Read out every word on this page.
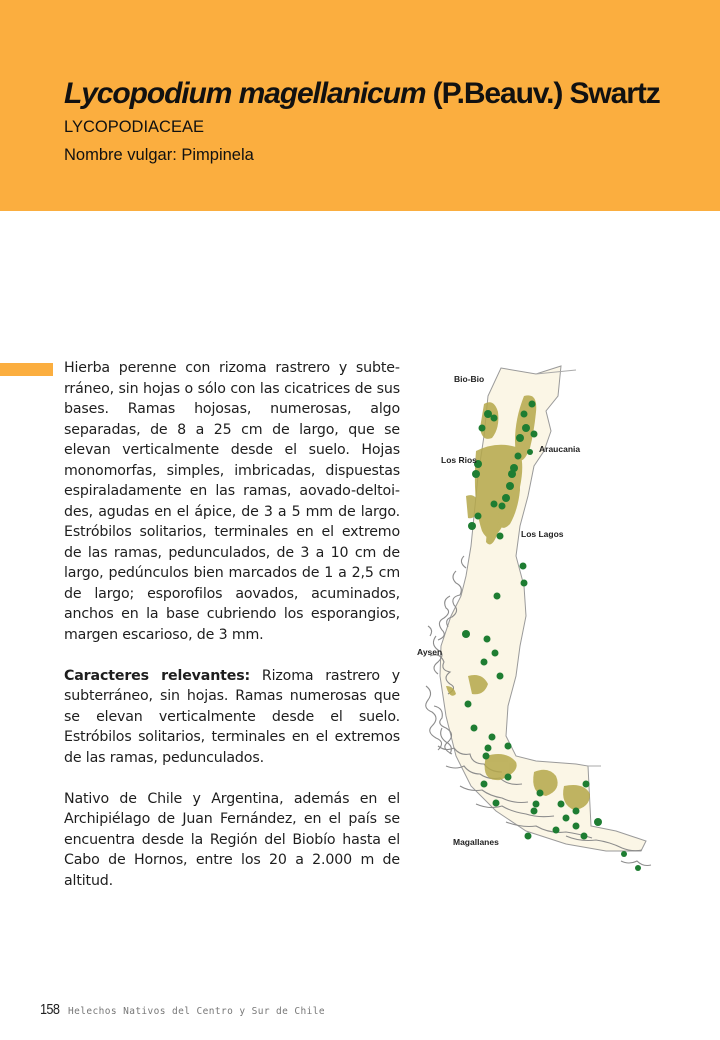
Lycopodium magellanicum (P.Beauv.) Swartz
LYCOPODIACEAE
Nombre vulgar: Pimpinela

Hierba perenne con rizoma rastrero y subterráneo, sin hojas o sólo con las cicatrices de sus bases. Ramas hojosas, numerosas, algo separadas, de 8 a 25 cm de largo, que se elevan verticalmente desde el suelo. Hojas monomorfas, simples, imbricadas, dispuestas espiraladamente en las ramas, aovado-deltoides, agudas en el ápice, de 3 a 5 mm de largo. Estróbilos solitarios, terminales en el extremo de las ramas, pedunculados, de 3 a 10 cm de largo, pedúnculos bien marcados de 1 a 2,5 cm de largo; esporofilos aovados, acuminados, anchos en la base cubriendo los esporangios, margen escarioso, de 3 mm.

Caracteres relevantes: Rizoma rastrero y subterráneo, sin hojas. Ramas numerosas que se elevan verticalmente desde el suelo. Estróbilos solitarios, terminales en el extremos de las ramas, pedunculados.

Nativo de Chile y Argentina, además en el Archipiélago de Juan Fernández, en el país se encuentra desde la Región del Biobío hasta el Cabo de Hornos, entre los 20 a 2.000 m de altitud.

Bio-Bio
Araucania
Los Rios
Los Lagos
Aysen
Magallanes
158 Helechos Nativos del Centro y Sur de Chile
